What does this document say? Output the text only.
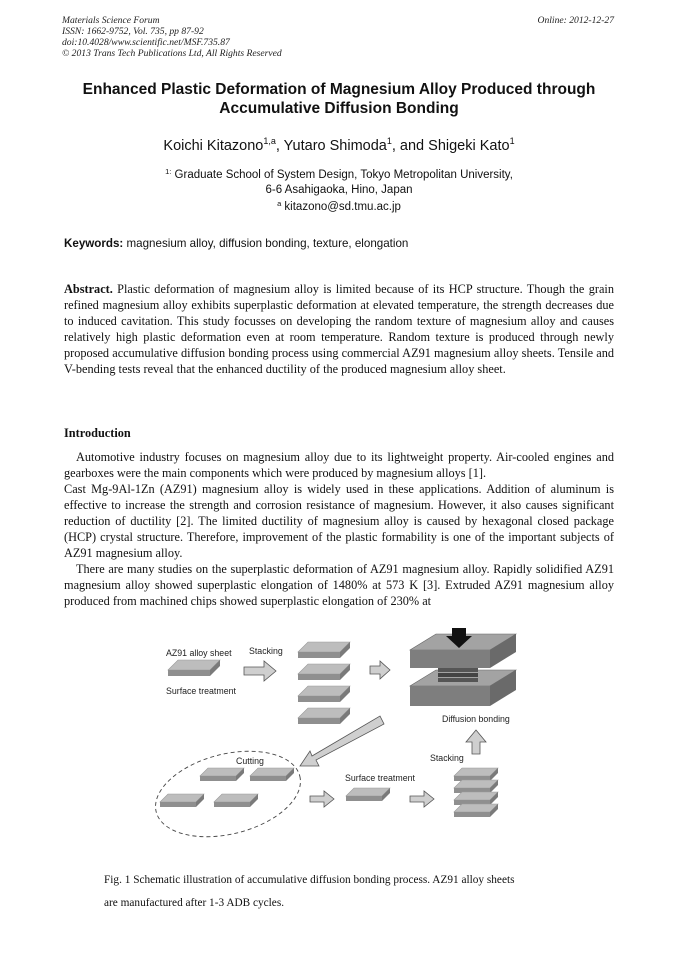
Materials Science Forum
ISSN: 1662-9752, Vol. 735, pp 87-92
doi:10.4028/www.scientific.net/MSF.735.87
© 2013 Trans Tech Publications Ltd, All Rights Reserved
Online: 2012-12-27
Enhanced Plastic Deformation of Magnesium Alloy Produced through
Accumulative Diffusion Bonding
Koichi Kitazono$^{1,a}$, Yutaro Shimoda$^1$, and Shigeki Kato$^1$
$^{1:}$ Graduate School of System Design, Tokyo Metropolitan University,
6-6 Asahigaoka, Hino, Japan
$^a$ kitazono@sd.tmu.ac.jp
Keywords: magnesium alloy, diffusion bonding, texture, elongation
Abstract. Plastic deformation of magnesium alloy is limited because of its HCP structure. Though the grain refined magnesium alloy exhibits superplastic deformation at elevated temperature, the strength decreases due to induced cavitation. This study focusses on developing the random texture of magnesium alloy and causes relatively high plastic deformation even at room temperature. Random texture is produced through newly proposed accumulative diffusion bonding process using commercial AZ91 magnesium alloy sheets. Tensile and V-bending tests reveal that the enhanced ductility of the produced magnesium alloy sheet.
Introduction

Automotive industry focuses on magnesium alloy due to its lightweight property. Air-cooled engines and gearboxes were the main components which were produced by magnesium alloys [1].

Cast Mg-9Al-1Zn (AZ91) magnesium alloy is widely used in these applications. Addition of aluminum is effective to increase the strength and corrosion resistance of magnesium. However, it also causes significant reduction of ductility [2]. The limited ductility of magnesium alloy is caused by hexagonal closed package (HCP) crystal structure. Therefore, improvement of the plastic formability is one of the important subjects of AZ91 magnesium alloy.

There are many studies on the superplastic deformation of AZ91 magnesium alloy. Rapidly solidified AZ91 magnesium alloy showed superplastic elongation of 1480% at 573 K [3]. Extruded AZ91 magnesium alloy produced from machined chips showed superplastic elongation of 230% at

AZ91 alloy sheet
Surface treatment
Stacking
Diffusion bonding
Cutting
Surface treatment
Stacking
Fig. 1 Schematic illustration of accumulative diffusion bonding process. AZ91 alloy sheets
are manufactured after 1-3 ADB cycles.
